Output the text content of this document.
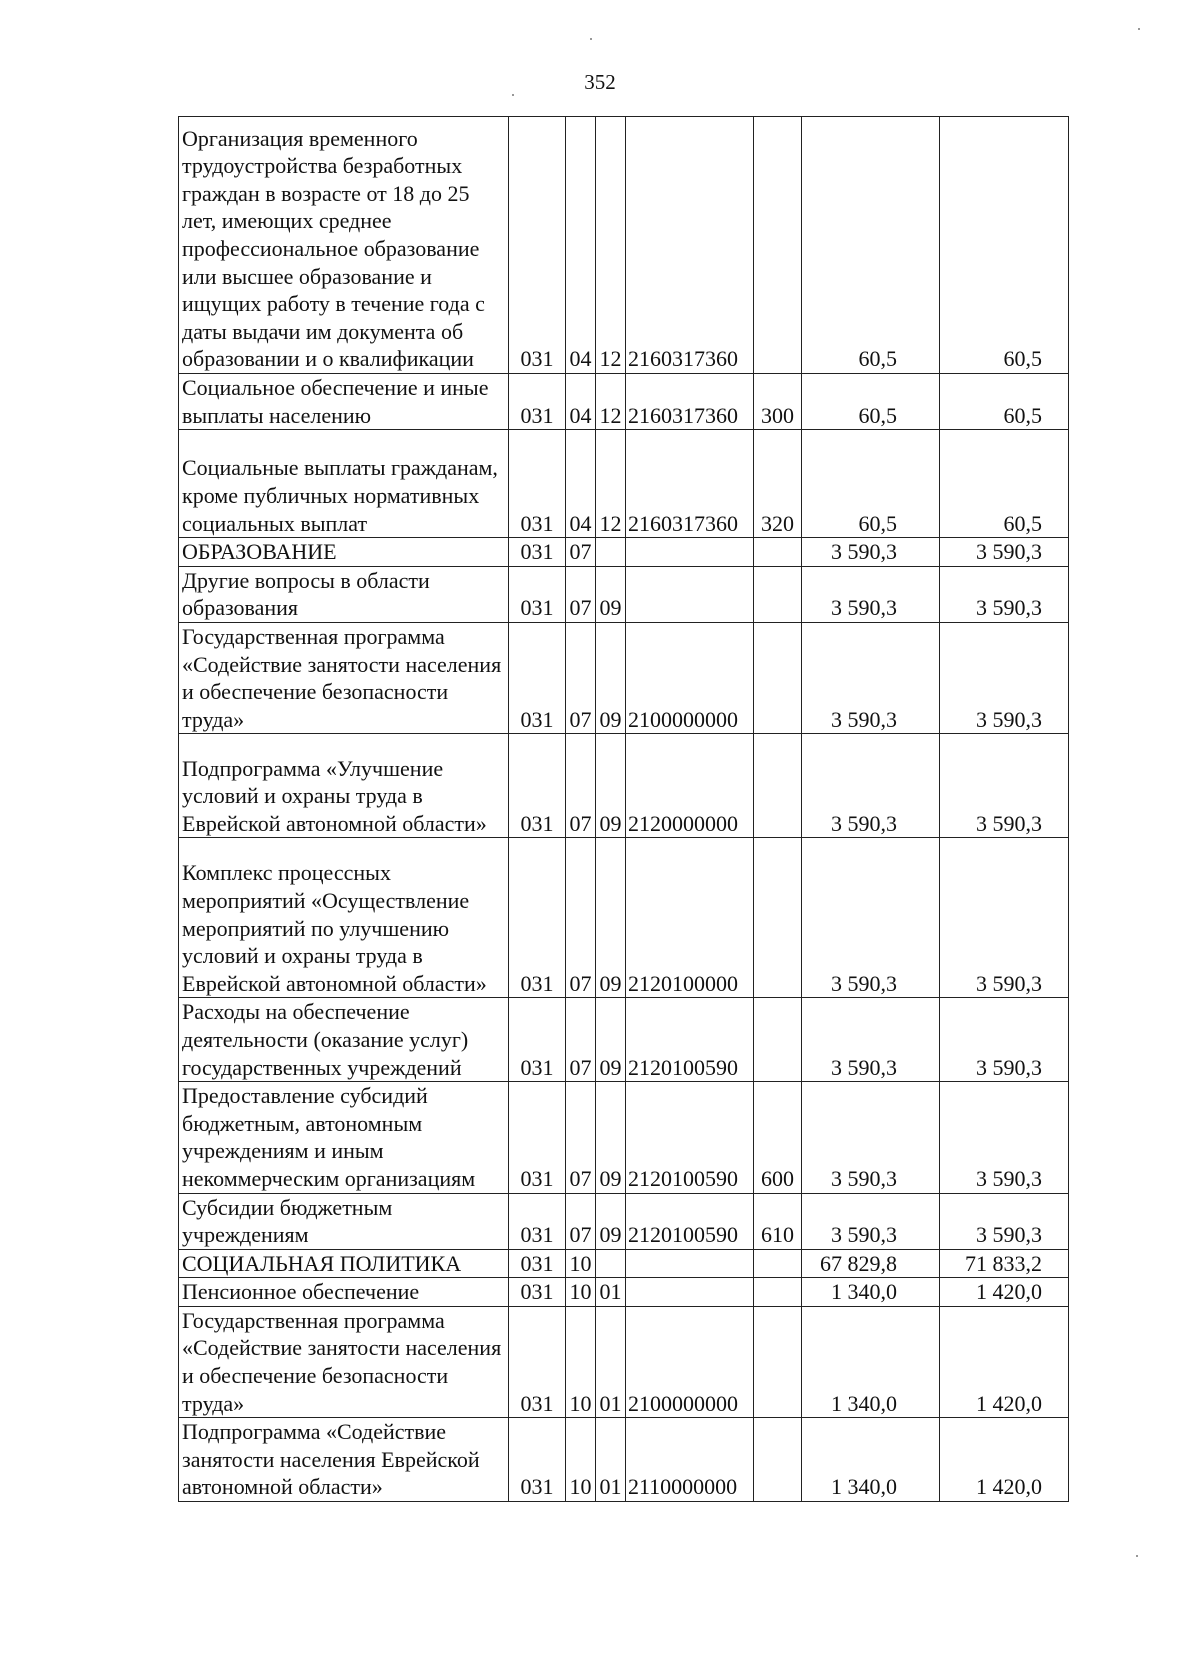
352
Организация временного трудоустройства безработных граждан в возрасте от 18 до 25 лет, имеющих среднее профессиональное образование или высшее образование и ищущих работу в течение года с даты выдачи им документа об образовании и о квалификации	031	04	12	2160317360		60,5	60,5
Социальное обеспечение и иные выплаты населению	031	04	12	2160317360	300	60,5	60,5
Социальные выплаты гражданам, кроме публичных нормативных социальных выплат	031	04	12	2160317360	320	60,5	60,5
ОБРАЗОВАНИЕ	031	07				3 590,3	3 590,3
Другие вопросы в области образования	031	07	09			3 590,3	3 590,3
Государственная программа «Содействие занятости населения и обеспечение безопасности труда»	031	07	09	2100000000		3 590,3	3 590,3
Подпрограмма «Улучшение условий и охраны труда в Еврейской автономной области»	031	07	09	2120000000		3 590,3	3 590,3
Комплекс процессных мероприятий «Осуществление мероприятий по улучшению условий и охраны труда в Еврейской автономной области»	031	07	09	2120100000		3 590,3	3 590,3
Расходы на обеспечение деятельности (оказание услуг) государственных учреждений	031	07	09	2120100590		3 590,3	3 590,3
Предоставление субсидий бюджетным, автономным учреждениям и иным некоммерческим организациям	031	07	09	2120100590	600	3 590,3	3 590,3
Субсидии бюджетным учреждениям	031	07	09	2120100590	610	3 590,3	3 590,3
СОЦИАЛЬНАЯ ПОЛИТИКА	031	10				67 829,8	71 833,2
Пенсионное обеспечение	031	10	01			1 340,0	1 420,0
Государственная программа «Содействие занятости населения и обеспечение безопасности труда»	031	10	01	2100000000		1 340,0	1 420,0
Подпрограмма «Содействие занятости населения Еврейской автономной области»	031	10	01	2110000000		1 340,0	1 420,0
